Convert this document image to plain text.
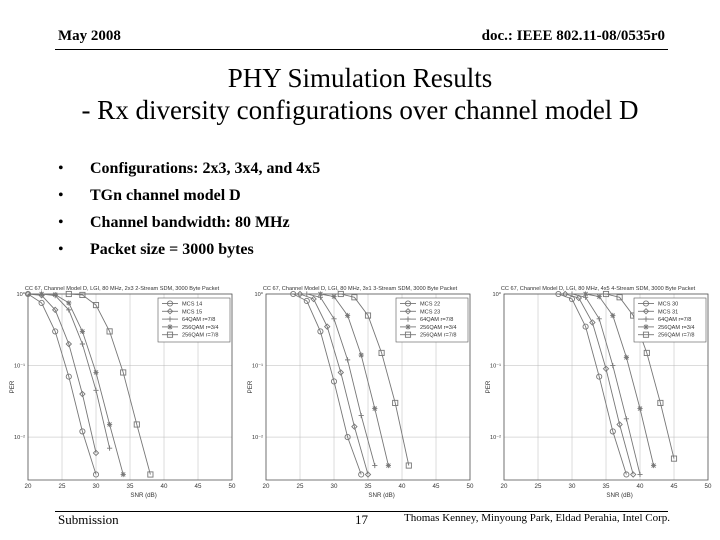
May 2008	doc.: IEEE 802.11-08/0535r0
PHY Simulation Results
- Rx diversity configurations over channel model D
•	Configurations: 2x3, 3x4, and 4x5
•	TGn channel model D
•	Channel bandwidth: 80 MHz
•	Packet size = 3000 bytes
CC 67, Channel Model D, LGI, 80 MHz, 2x3 2-Stream SDM, 3000 Byte Packet
20	25	30	35	40	45	50
10⁰
10⁻¹
10⁻²
SNR (dB)
PER
MCS 14
MCS 15
64QAM r=7/8
256QAM r=3/4
256QAM r=7/8
CC 67, Channel Model D, LGI, 80 MHz, 3x1 3-Stream SDM, 3000 Byte Packet
20	25	30	35	40	45	50
10⁰
10⁻¹
10⁻²
SNR (dB)
PER
MCS 22
MCS 23
64QAM r=7/8
256QAM r=3/4
256QAM r=7/8
CC 67, Channel Model D, LGI, 80 MHz, 4x5 4-Stream SDM, 3000 Byte Packet
20	25	30	35	40	45	50
10⁰
10⁻¹
10⁻²
SNR (dB)
PER
MCS 30
MCS 31
64QAM r=7/8
256QAM r=3/4
256QAM r=7/8
Submission	17	Thomas Kenney, Minyoung Park, Eldad Perahia, Intel Corp.
